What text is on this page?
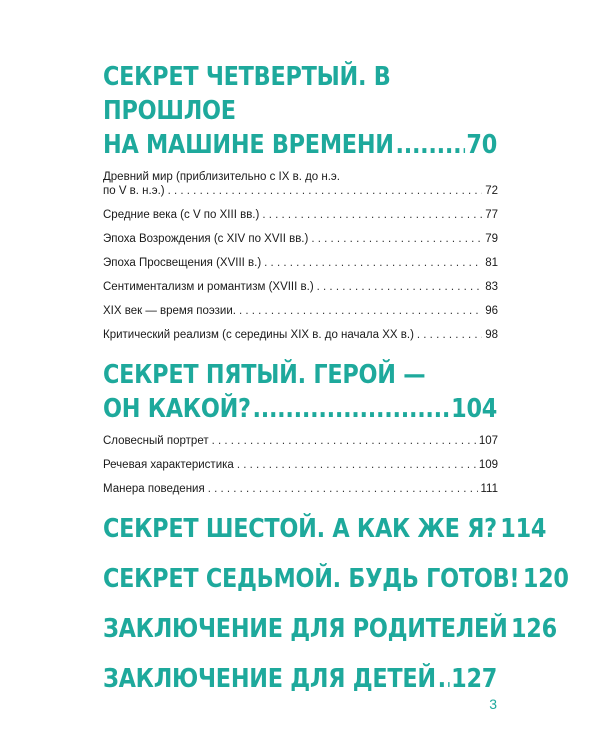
СЕКРЕТ ЧЕТВЕРТЫЙ. В ПРОШЛОЕ
НА МАШИНЕ ВРЕМЕНИ .....	70
Древний мир (приблизительно с IX в. до н.э.
по V в. н.э.) . . .	72
Средние века (с V по XIII вв.) . . .	77
Эпоха Возрождения (с XIV по XVII вв.) . . .	79
Эпоха Просвещения (XVIII в.) . . .	81
Сентиментализм и романтизм (XVIII в.) . . .	83
XIX век — время поэзии. . . .	96
Критический реализм (с середины XIX в. до начала XX в.) . . .	98
СЕКРЕТ ПЯТЫЙ. ГЕРОЙ —
ОН КАКОЙ? .....	104
Словесный портрет . . .	107
Речевая характеристика . . .	109
Манера поведения . . .	111
СЕКРЕТ ШЕСТОЙ. А КАК ЖЕ Я? 114
СЕКРЕТ СЕДЬМОЙ. БУДЬ ГОТОВ! 120
ЗАКЛЮЧЕНИЕ ДЛЯ РОДИТЕЛЕЙ 126
ЗАКЛЮЧЕНИЕ ДЛЯ ДЕТЕЙ ..... 127
3
